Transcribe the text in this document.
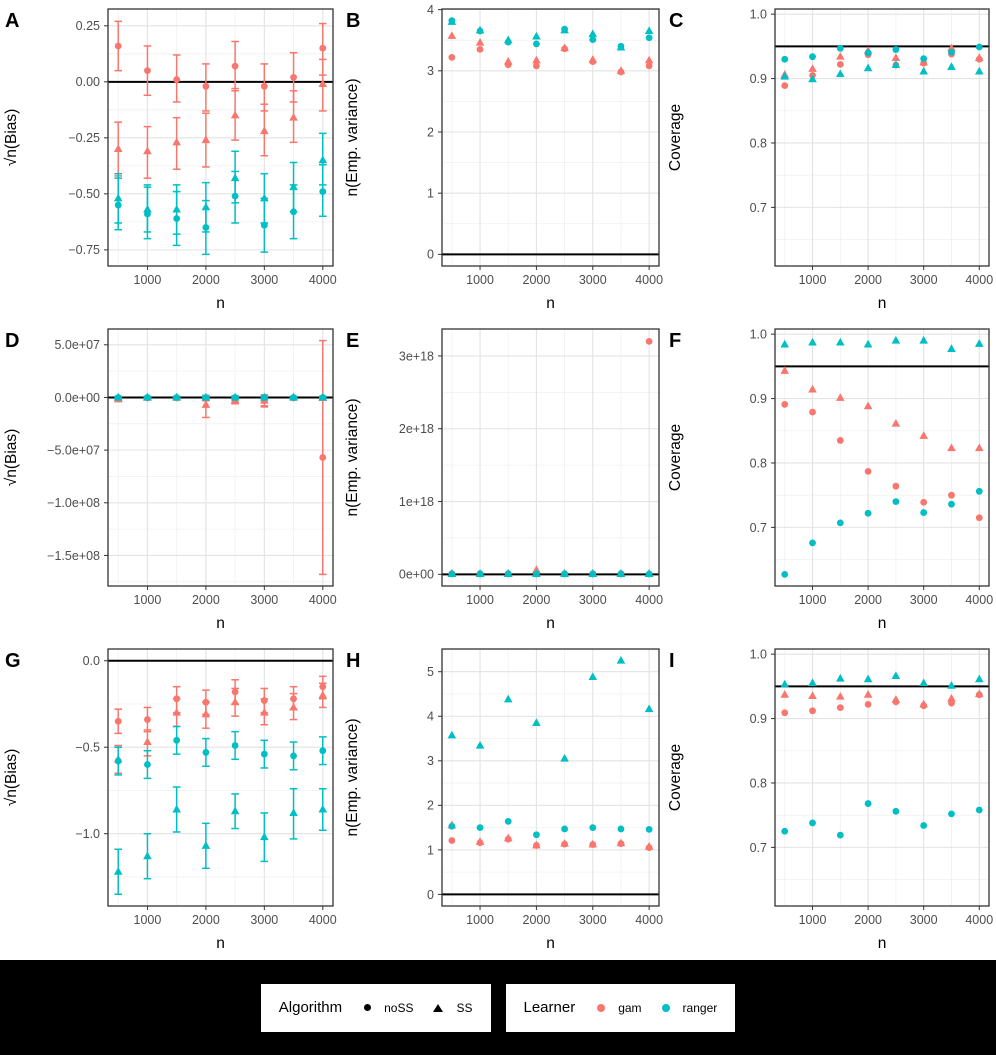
1000 2000 3000 4000
0.25
0.00
−0.25
−0.50
−0.75
n
√n(Bias)
A
1000 2000 3000 4000
4
3
2
1
0
n
n(Emp. variance)
B
1000 2000 3000 4000
1.0
0.9
0.8
0.7
n
Coverage
C
1000 2000 3000 4000
5.0e+07
0.0e+00
−5.0e+07
−1.0e+08
−1.5e+08
n
√n(Bias)
D
1000 2000 3000 4000
3e+18
2e+18
1e+18
0e+00
n
n(Emp. variance)
E
1000 2000 3000 4000
1.0
0.9
0.8
0.7
n
Coverage
F
1000 2000 3000 4000
0.0
−0.5
−1.0
n
√n(Bias)
G
1000 2000 3000 4000
5
4
3
2
1
0
n
n(Emp. variance)
H
1000 2000 3000 4000
1.0
0.9
0.8
0.7
n
Coverage
I
Algorithm	noSS	SS	Learner	gam	ranger
